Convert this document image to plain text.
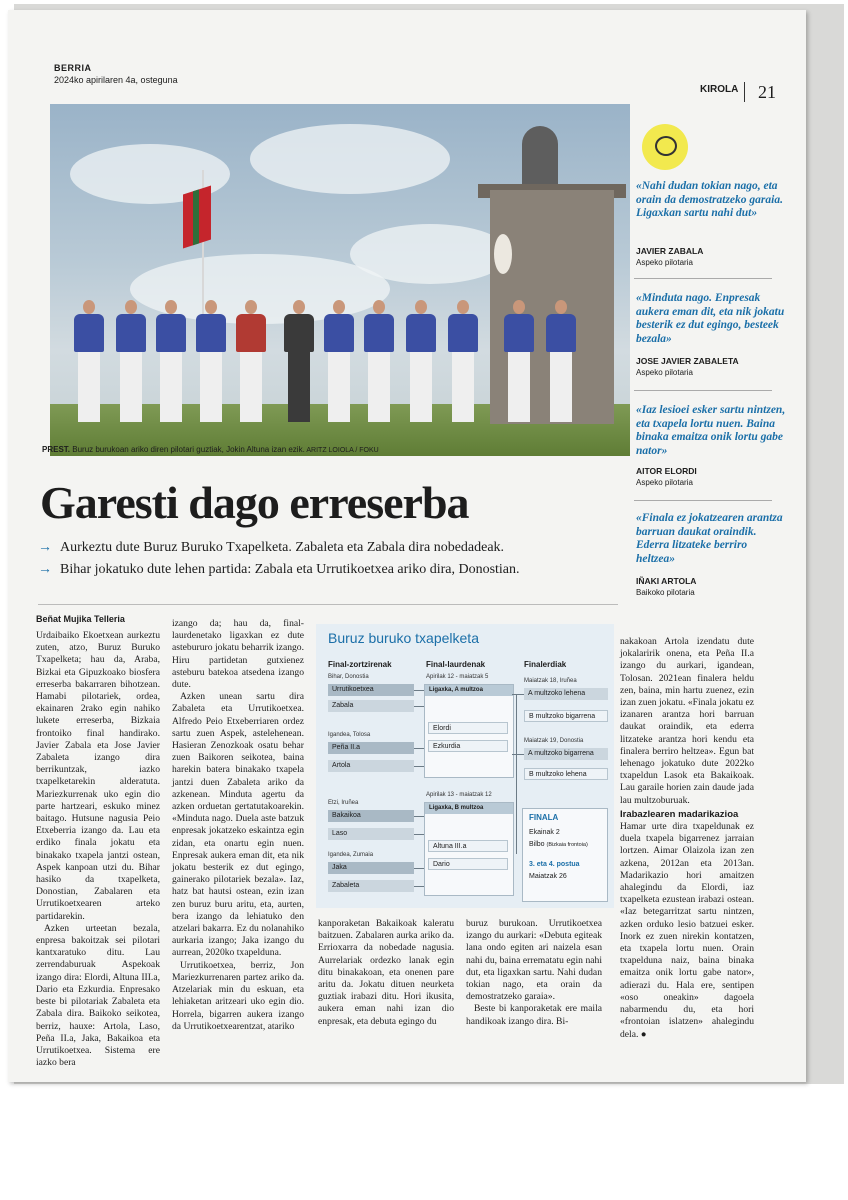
BERRIA
2024ko apirilaren 4a, osteguna
KIROLA 21
PREST. Buruz burukoan ariko diren pilotari guztiak, Jokin Altuna izan ezik. ARITZ LOIOLA / FOKU
«Nahi dudan tokian nago, eta orain da demostratzeko garaia. Ligaxkan sartu nahi dut»
JAVIER ZABALA
Aspeko pilotaria
«Minduta nago. Enpresak aukera eman dit, eta nik jokatu besterik ez dut egingo, besteek bezala»
JOSE JAVIER ZABALETA
Aspeko pilotaria
«Iaz lesioei esker sartu nintzen, eta txapela lortu nuen. Baina binaka emaitza onik lortu gabe nator»
AITOR ELORDI
Aspeko pilotaria
«Finala ez jokatzearen arantza barruan daukat oraindik. Ederra litzateke berriro heltzea»
IÑAKI ARTOLA
Baikoko pilotaria
Garesti dago erreserba
→ Aurkeztu dute Buruz Buruko Txapelketa. Zabaleta eta Zabala dira nobedadeak.
→ Bihar jokatuko dute lehen partida: Zabala eta Urrutikoetxea ariko dira, Donostian.
Beñat Mujika Telleria

Urdaibaiko Ekoetxean aurkeztu zuten, atzo, Buruz Buruko Txapelketa; hau da, Araba, Bizkai eta Gipuzkoako biosfera erreserba bakarraren bihotzean. Hamabi pilotariek, ordea, ekainaren 2rako egin nahiko lukete erreserba, Bizkaia frontoiko final handirako. Javier Zabala eta Jose Javier Zabaleta izango dira berrikuntzak, iazko txapelketarekin alderatuta. Mariezkurrenak uko egin dio parte hartzeari, eskuko minez baitago. Hutsune nagusia Peio Etxeberria izango da. Lau eta erdiko finala jokatu eta binakako txapela jantzi ostean, Aspek kanpoan utzi du. Bihar hasiko da txapelketa, Donostian, Zabalaren eta Urrutikoetxearen arteko partidarekin.

Azken urteetan bezala, enpresa bakoitzak sei pilotari kantxaratuko ditu. Lau zerrendaburuak Aspekoak izango dira: Elordi, Altuna III.a, Dario eta Ezkurdia. Enpresako beste bi pilotariak Zabaleta eta Zabala dira. Baikoko seikotea, berriz, hauxe: Artola, Laso, Peña II.a, Jaka, Bakaikoa eta Urrutikoetxea. Sistema ere iazko bera

izango da; hau da, final-laurdenetako ligaxkan ez dute astebururo jokatu beharrik izango. Hiru partidetan gutxienez asteburu batekoa atsedena izango dute.

Azken unean sartu dira Zabaleta eta Urrutikoetxea. Alfredo Peio Etxeberriaren ordez sartu zuen Aspek, astelehenean. Hasieran Zenozkoak osatu behar zuen Baikoren seikotea, baina harekin batera binakako txapela jantzi duen Zabaleta ariko da azkenean. Minduta agertu da azken orduetan gertatutakoarekin. «Minduta nago. Duela aste batzuk enpresak jokatzeko eskaintza egin zidan, eta onartu egin nuen. Enpresak aukera eman dit, eta nik jokatu besterik ez dut egingo, gainerako pilotariek bezala». Iaz, hatz bat hautsi ostean, ezin izan zen buruz buru aritu, eta, aurten, bera izango da lehiatuko den atzelari bakarra. Ez du nolanahiko aurkaria izango; Jaka izango du aurrean, 2020ko txapelduna.

Urrutikoetxea, berriz, Jon Mariezkurrenaren partez ariko da. Atzelariak min du eskuan, eta lehiaketan aritzeari uko egin dio. Horrela, bigarren aukera izango da Urrutikoetxearentzat, atariko

kanporaketan Bakaikoak kaleratu baitzuen. Zabalaren aurka ariko da. Errioxarra da nobedade nagusia. Aurrelariak ordezko lanak egin ditu binakakoan, eta onenen pare aritu da. Jokatu dituen neurketa guztiak irabazi ditu. Hori ikusita, aukera eman nahi izan dio enpresak, eta debuta egingo du

buruz burukoan. Urrutikoetxea izango du aurkari: «Debuta egiteak lana ondo egiten ari naizela esan nahi du, baina errematatu egin nahi dut, eta ligaxkan sartu. Nahi dudan tokian nago, eta orain da demostratzeko garaia».

Beste bi kanporaketak ere maila handikoak izango dira. Bi-

nakakoan Artola izendatu dute jokalaririk onena, eta Peña II.a izango du aurkari, igandean, Tolosan. 2021ean finalera heldu zen, baina, min hartu zuenez, ezin izan zuen jokatu. «Finala jokatu ez izanaren arantza hori barruan daukat oraindik, eta ederra litzateke arantza hori kendu eta finalera berriro heltzea». Egun bat lehenago jokatuko dute 2022ko txapeldun Lasok eta Bakaikoak. Lau garaile horien zain daude jada lau multzoburuak.

Irabazlearen madarikazioa

Hamar urte dira txapeldunak ez duela txapela bigarrenez jarraian lortzen. Aimar Olaizola izan zen azkena, 2012an eta 2013an. Madarikazio hori amaitzen ahalegindu da Elordi, iaz txapelketa ezustean irabazi ostean. «Iaz betegarritzat sartu nintzen, azken orduko lesio batzuei esker. Inork ez zuen nirekin kontatzen, eta txapela lortu nuen. Orain txapelduna naiz, baina binaka emaitza onik lortu gabe nator», adierazi du. Hala ere, sentipen «oso oneakin» dagoela nabarmendu du, eta hori «frontoian islatzen» ahalegindu dela. ●

Buruz buruko txapelketa
Final-zortzirenak	Final-laurdenak	Finalerdiak
Bihar, Donostia
Urrutikoetxea
Zabala
Igandea, Tolosa
Peña II.a
Artola
Etzi, Iruñea
Bakaikoa
Laso
Igandea, Zumaia
Jaka
Zabaleta
Apirilak 12 - maiatzak 5
Ligaxka, A multzoa
Elordi
Ezkurdia
Apirilak 13 - maiatzak 12
Ligaxka, B multzoa
Altuna III.a
Dario
Maiatzak 18, Iruñea
A multzoko lehena
B multzoko bigarrena
Maiatzak 19, Donostia
A multzoko bigarrena
B multzoko lehena
FINALA
Ekainak 2
Bilbo (Bizkaia frontoia)
3. eta 4. postua
Maiatzak 26
